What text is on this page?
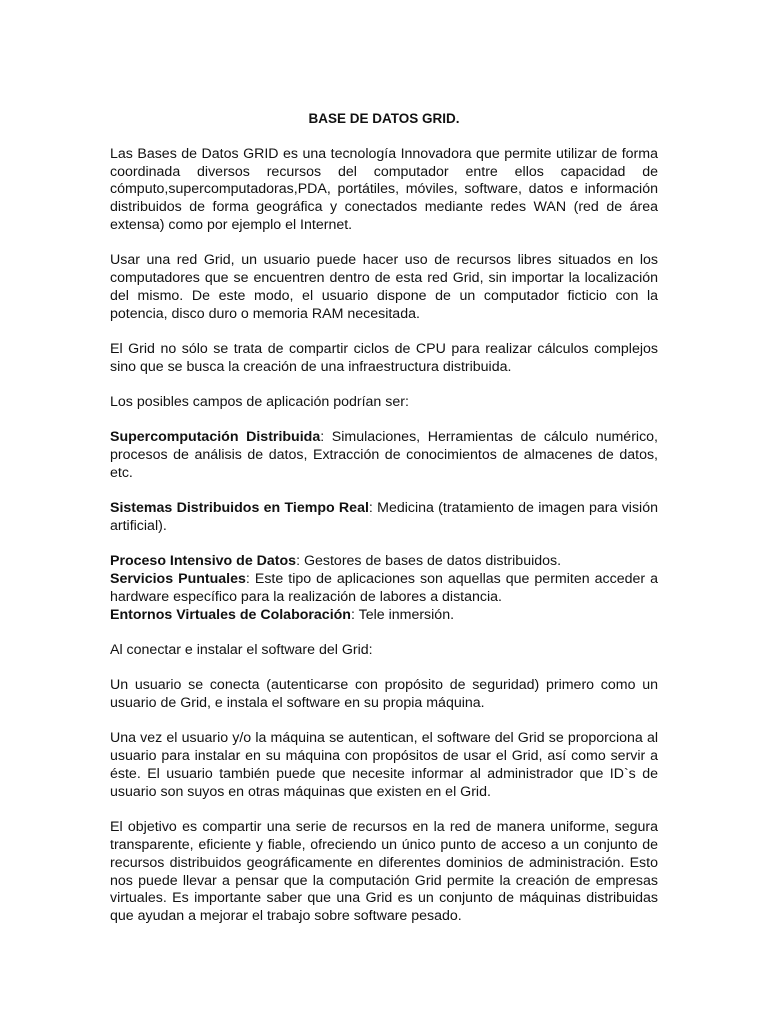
BASE DE DATOS GRID.

Las Bases de Datos GRID es una tecnología Innovadora que permite utilizar de forma coordinada diversos recursos del computador entre ellos capacidad de cómputo,supercomputadoras,PDA, portátiles, móviles, software, datos e información distribuidos de forma geográfica y conectados mediante redes WAN (red de área extensa) como por ejemplo el Internet.

Usar una red Grid, un usuario puede hacer uso de recursos libres situados en los computadores que se encuentren dentro de esta red Grid, sin importar la localización del mismo. De este modo, el usuario dispone de un computador ficticio con la potencia, disco duro o memoria RAM necesitada.

El Grid no sólo se trata de compartir ciclos de CPU para realizar cálculos complejos sino que se busca la creación de una infraestructura distribuida.

Los posibles campos de aplicación podrían ser:

Supercomputación Distribuida: Simulaciones, Herramientas de cálculo numérico, procesos de análisis de datos, Extracción de conocimientos de almacenes de datos, etc.

Sistemas Distribuidos en Tiempo Real: Medicina (tratamiento de imagen para visión artificial).

Proceso Intensivo de Datos: Gestores de bases de datos distribuidos.

Servicios Puntuales: Este tipo de aplicaciones son aquellas que permiten acceder a hardware específico para la realización de labores a distancia.

Entornos Virtuales de Colaboración: Tele inmersión.

Al conectar e instalar el software del Grid:

Un usuario se conecta (autenticarse con propósito de seguridad) primero como un usuario de Grid, e instala el software en su propia máquina.

Una vez el usuario y/o la máquina se autentican, el software del Grid se proporciona al usuario para instalar en su máquina con propósitos de usar el Grid, así como servir a éste. El usuario también puede que necesite informar al administrador que ID`s de usuario son suyos en otras máquinas que existen en el Grid.

El objetivo es compartir una serie de recursos en la red de manera uniforme, segura transparente, eficiente y fiable, ofreciendo un único punto de acceso a un conjunto de recursos distribuidos geográficamente en diferentes dominios de administración. Esto nos puede llevar a pensar que la computación Grid permite la creación de empresas virtuales. Es importante saber que una Grid es un conjunto de máquinas distribuidas que ayudan a mejorar el trabajo sobre software pesado.
